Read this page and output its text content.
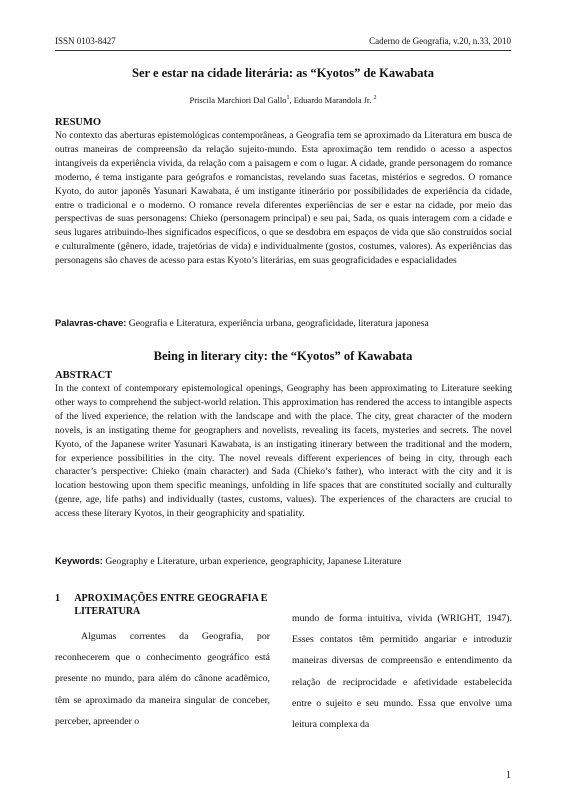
ISSN 0103-8427	Caderno de Geografia, v.20, n.33, 2010
Ser e estar na cidade literária: as “Kyotos” de Kawabata
Priscila Marchiori Dal Gallo$^1$, Eduardo Marandola Jr. $^2$
RESUMO

No contexto das aberturas epistemológicas contemporâneas, a Geografia tem se aproximado da Literatura em busca de outras maneiras de compreensão da relação sujeito-mundo. Esta aproximação tem rendido o acesso a aspectos intangíveis da experiência vivida, da relação com a paisagem e com o lugar. A cidade, grande personagem do romance moderno, é tema instigante para geógrafos e romancistas, revelando suas facetas, mistérios e segredos. O romance Kyoto, do autor japonês Yasunari Kawabata, é um instigante itinerário por possibilidades de experiência da cidade, entre o tradicional e o moderno. O romance revela diferentes experiências de ser e estar na cidade, por meio das perspectivas de suas personagens: Chieko (personagem principal) e seu pai, Sada, os quais interagem com a cidade e seus lugares atribuindo-lhes significados específicos, o que se desdobra em espaços de vida que são construídos social e culturalmente (gênero, idade, trajetórias de vida) e individualmente (gostos, costumes, valores). As experiências das personagens são chaves de acesso para estas Kyoto’s literárias, em suas geograficidades e espacialidades

Palavras-chave: Geografia e Literatura, experiência urbana, geograficidade, literatura japonesa
Being in literary city: the “Kyotos” of Kawabata
ABSTRACT

In the context of contemporary epistemological openings, Geography has been approximating to Literature seeking other ways to comprehend the subject-world relation. This approximation has rendered the access to intangible aspects of the lived experience, the relation with the landscape and with the place. The city, great character of the modern novels, is an instigating theme for geographers and novelists, revealing its facets, mysteries and secrets. The novel Kyoto, of the Japanese writer Yasunari Kawabata, is an instigating itinerary between the traditional and the modern, for experience possibilities in the city. The novel reveals different experiences of being in city, through each character’s perspective: Chieko (main character) and Sada (Chieko’s father), who interact with the city and it is location bestowing upon them specific meanings, unfolding in life spaces that are constituted socially and culturally (genre, age, life paths) and individually (tastes, customs, values). The experiences of the characters are crucial to access these literary Kyotos, in their geographicity and spatiality.

Keywords: Geography e Literature, urban experience, geographicity, Japanese Literature
1	APROXIMAÇÕES ENTRE GEOGRAFIA E LITERATURA

Algumas correntes da Geografia, por reconhecerem que o conhecimento geográfico está presente no mundo, para além do cânone acadêmico, têm se aproximado da maneira singular de conceber, perceber, apreender o

mundo de forma intuitiva, vivida (WRIGHT, 1947). Esses contatos têm permitido angariar e introduzir maneiras diversas de compreensão e entendimento da relação de reciprocidade e afetividade estabelecida entre o sujeito e seu mundo. Essa que envolve uma leitura complexa da

1
